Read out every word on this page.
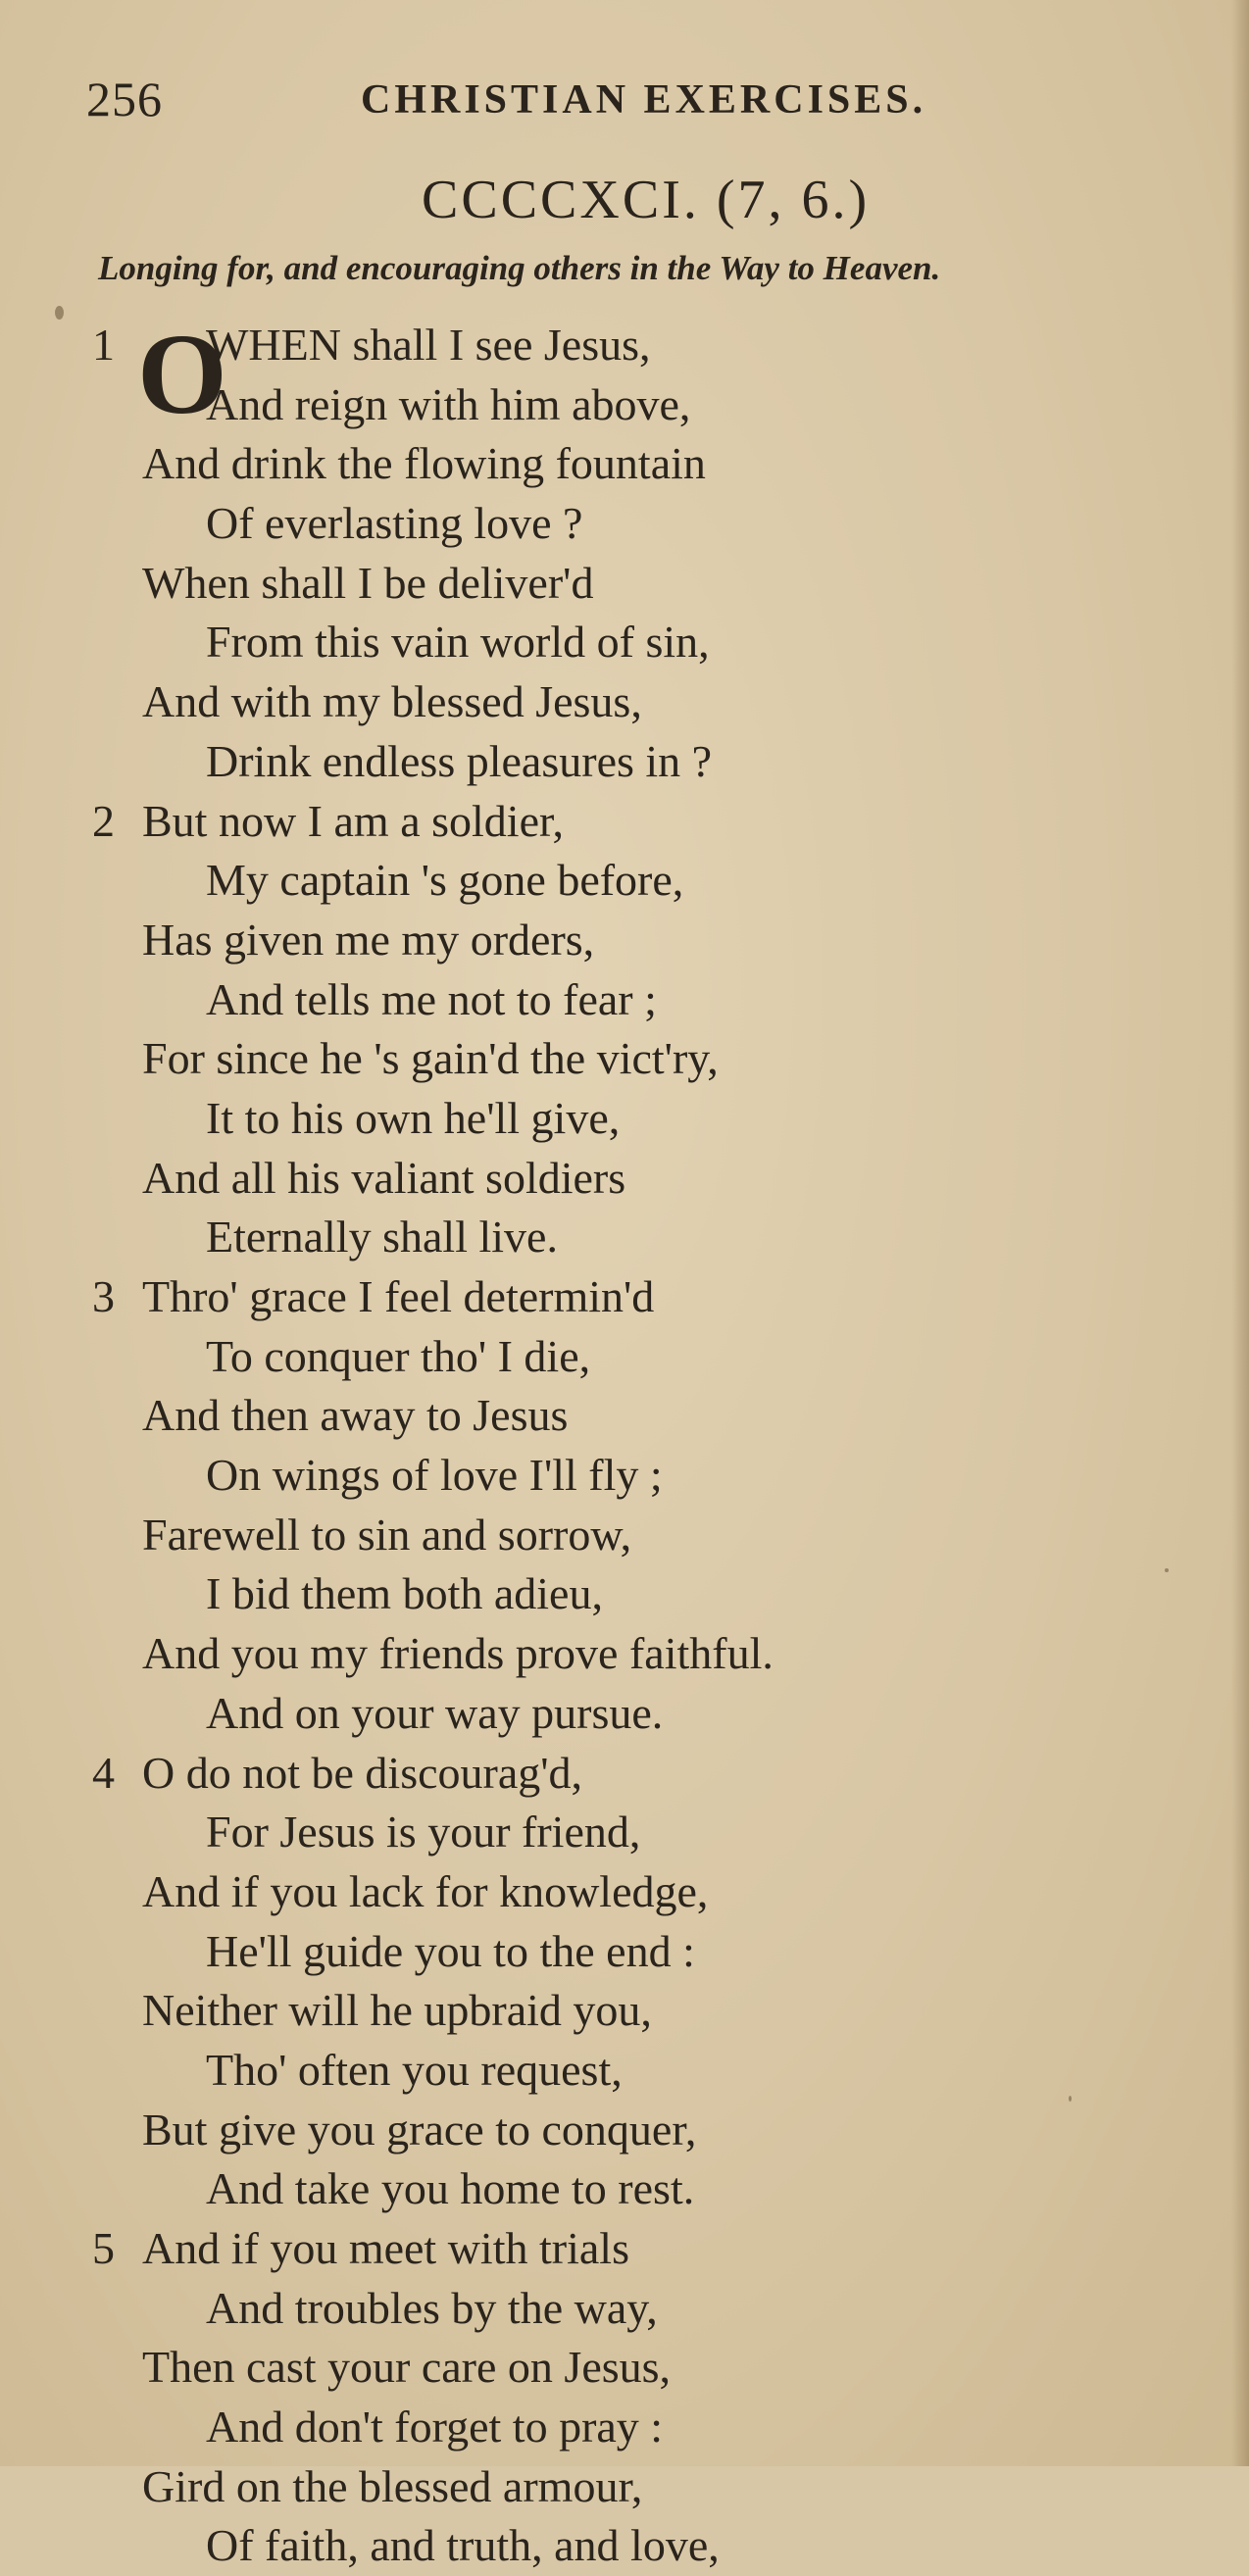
256	CHRISTIAN EXERCISES.
CCCCXCI. (7, 6.)
Longing for, and encouraging others in the Way to Heaven.
1 O
WHEN shall I see Jesus,
And reign with him above,
And drink the flowing fountain
Of everlasting love ?
When shall I be deliver'd
From this vain world of sin,
And with my blessed Jesus,
Drink endless pleasures in ?
2 But now I am a soldier,
My captain 's gone before,
Has given me my orders,
And tells me not to fear ;
For since he 's gain'd the vict'ry,
It to his own he'll give,
And all his valiant soldiers
Eternally shall live.
3 Thro' grace I feel determin'd
To conquer tho' I die,
And then away to Jesus
On wings of love I'll fly ;
Farewell to sin and sorrow,
I bid them both adieu,
And you my friends prove faithful.
And on your way pursue.
4 O do not be discourag'd,
For Jesus is your friend,
And if you lack for knowledge,
He'll guide you to the end :
Neither will he upbraid you,
Tho' often you request,
But give you grace to conquer,
And take you home to rest.
5 And if you meet with trials
And troubles by the way,
Then cast your care on Jesus,
And don't forget to pray :
Gird on the blessed armour,
Of faith, and truth, and love,
